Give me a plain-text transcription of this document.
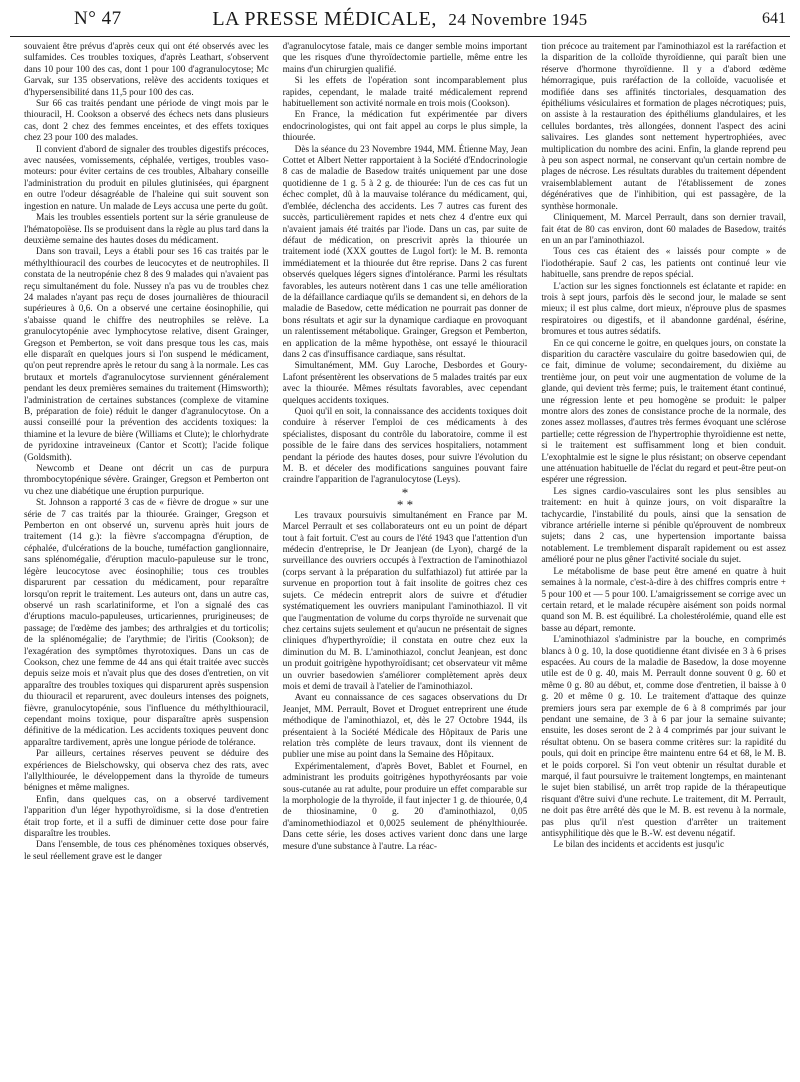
N° 47	LA PRESSE MÉDICALE, 24 Novembre 1945	641

souvaient être prévus d'après ceux qui ont été observés avec les sulfamides. Ces troubles toxiques, d'après Leathart, s'observent dans 10 pour 100 des cas, dont 1 pour 100 d'agranulocytose; Mc Garvak, sur 135 observations, relève des accidents toxiques et d'hypersensibilité dans 11,5 pour 100 des cas.

Sur 66 cas traités pendant une période de vingt mois par le thiouracil, H. Cookson a observé des échecs nets dans plusieurs cas, dont 2 chez des femmes enceintes, et des effets toxiques chez 23 pour 100 des malades.

Il convient d'abord de signaler des troubles digestifs précoces, avec nausées, vomissements, céphalée, vertiges, troubles vaso-moteurs: pour éviter certains de ces troubles, Albahary conseille l'administration du produit en pilules glutinisées, qui épargnent en outre l'odeur désagréable de l'haleine qui suit souvent son ingestion en nature. Un malade de Leys accusa une perte du goût.

Mais les troubles essentiels portent sur la série granuleuse de l'hématopoïèse. Ils se produisent dans la règle au plus tard dans la deuxième semaine des hautes doses du médicament.

Dans son travail, Leys a établi pour ses 16 cas traités par le méthylthiouracil des courbes de leucocytes et de neutrophiles. Il constata de la neutropénie chez 8 des 9 malades qui n'avaient pas reçu simultanément du fole. Nussey n'a pas vu de troubles chez 24 malades n'ayant pas reçu de doses journalières de thiouracil supérieures à 0,6. On a observé une certaine éosinophilie, qui s'abaisse quand le chiffre des neutrophiles se relève. La granulocytopénie avec lymphocytose relative, disent Grainger, Gregson et Pemberton, se voit dans presque tous les cas, mais elle disparaît en quelques jours si l'on suspend le médicament, qu'on peut reprendre après le retour du sang à la normale. Les cas brutaux et mortels d'agranulocytose surviennent généralement pendant les deux premières semaines du traitement (Himsworth); l'administration de certaines substances (complexe de vitamine B, préparation de foie) réduit le danger d'agranulocytose. On a aussi conseillé pour la prévention des accidents toxiques: la thiamine et la levure de bière (Williams et Clute); le chlorhydrate de pyridoxine intraveineux (Cantor et Scott); l'acide folique (Goldsmith).

Newcomb et Deane ont décrit un cas de purpura thrombocytopénique sévère. Grainger, Gregson et Pemberton ont vu chez une diabétique une éruption purpurique.

St. Johnson a rapporté 3 cas de « fièvre de drogue » sur une série de 7 cas traités par la thiourée. Grainger, Gregson et Pemberton en ont observé un, survenu après huit jours de traitement (14 g.): la fièvre s'accompagna d'éruption, de céphalée, d'ulcérations de la bouche, tuméfaction ganglionnaire, sans splénomégalie, d'éruption maculo-papuleuse sur le tronc, légère leucocytose avec éosinophilie; tous ces troubles disparurent par cessation du médicament, pour reparaître lorsqu'on reprit le traitement. Les auteurs ont, dans un autre cas, observé un rash scarlatiniforme, et l'on a signalé des cas d'éruptions maculo-papuleuses, urticariennes, prurigineuses; de passage; de l'œdème des jambes; des arthralgies et du torticolis; de la splénomégalie; de l'arythmie; de l'iritis (Cookson); de l'exagération des symptômes thyrotoxiques. Dans un cas de Cookson, chez une femme de 44 ans qui était traitée avec succès depuis seize mois et n'avait plus que des doses d'entretien, on vit apparaître des troubles toxiques qui disparurent après suspension du thiouracil et reparurent, avec douleurs intenses des poignets, fièvre, granulocytopénie, sous l'influence du méthylthiouracil, cependant moins toxique, pour disparaître après suspension définitive de la médication. Les accidents toxiques peuvent donc apparaître tardivement, après une longue période de tolérance.

Par ailleurs, certaines réserves peuvent se déduire des expériences de Bielschowsky, qui observa chez des rats, avec l'allylthiourée, le développement dans la thyroïde de tumeurs bénignes et même malignes.

Enfin, dans quelques cas, on a observé tardivement l'apparition d'un léger hypothyroïdisme, si la dose d'entretien était trop forte, et il a suffi de diminuer cette dose pour faire disparaître les troubles.

Dans l'ensemble, de tous ces phénomènes toxiques observés, le seul réellement grave est le danger

d'agranulocytose fatale, mais ce danger semble moins important que les risques d'une thyroïdectomie partielle, même entre les mains d'un chirurgien qualifié.

Si les effets de l'opération sont incomparablement plus rapides, cependant, le malade traité médicalement reprend habituellement son activité normale en trois mois (Cookson).

En France, la médication fut expérimentée par divers endocrinologistes, qui ont fait appel au corps le plus simple, la thiourée.

Dès la séance du 23 Novembre 1944, MM. Étienne May, Jean Cottet et Albert Netter rapportaient à la Société d'Endocrinologie 8 cas de maladie de Basedow traités uniquement par une dose quotidienne de 1 g. 5 à 2 g. de thiourée: l'un de ces cas fut un échec complet, dû à la mauvaise tolérance du médicament, qui, d'emblée, déclencha des accidents. Les 7 autres cas furent des succès, particulièrement rapides et nets chez 4 d'entre eux qui n'avaient jamais été traités par l'iode. Dans un cas, par suite de défaut de médication, on prescrivit après la thiourée un traitement iodé (XXX gouttes de Lugol fort): le M. B. remonta immédiatement et la thiourée dut être reprise. Dans 2 cas furent observés quelques légers signes d'intolérance. Parmi les résultats favorables, les auteurs notèrent dans 1 cas une telle amélioration de la défaillance cardiaque qu'ils se demandent si, en dehors de la maladie de Basedow, cette médication ne pourrait pas donner de bons résultats et agir sur la dynamique cardiaque en provoquant un ralentissement métabolique. Grainger, Gregson et Pemberton, en application de la même hypothèse, ont essayé le thiouracil dans 2 cas d'insuffisance cardiaque, sans résultat.

Simultanément, MM. Guy Laroche, Desbordes et Goury-Lafont présentèrent les observations de 5 malades traités par eux avec la thiourée. Mêmes résultats favorables, avec cependant quelques accidents toxiques.

Quoi qu'il en soit, la connaissance des accidents toxiques doit conduire à réserver l'emploi de ces médicaments à des spécialistes, disposant du contrôle du laboratoire, comme il est possible de le faire dans des services hospitaliers, notamment pendant la période des hautes doses, pour suivre l'évolution du M. B. et déceler des modifications sanguines pouvant faire craindre l'apparition de l'agranulocytose (Leys).

*
* *

Les travaux poursuivis simultanément en France par M. Marcel Perrault et ses collaborateurs ont eu un point de départ tout à fait fortuit. C'est au cours de l'été 1943 que l'attention d'un médecin d'entreprise, le Dr Jeanjean (de Lyon), chargé de la surveillance des ouvriers occupés à l'extraction de l'aminothiazol (corps servant à la préparation du sulfathiazol) fut attirée par la survenue en proportion tout à fait insolite de goitres chez ces sujets. Ce médecin entreprit alors de suivre et d'étudier systématiquement les ouvriers manipulant l'aminothiazol. Il vit que l'augmentation de volume du corps thyroïde ne survenait que chez certains sujets seulement et qu'aucun ne présentait de signes cliniques d'hyperthyroïdie; il constata en outre chez eux la diminution du M. B. L'aminothiazol, conclut Jeanjean, est donc un produit goitrigène hypothyroïdisant; cet observateur vit même un ouvrier basedowien s'améliorer complètement après deux mois et demi de travail à l'atelier de l'aminothiazol.

Avant eu connaissance de ces sagaces observations du Dr Jeanjet, MM. Perrault, Bovet et Droguet entreprirent une étude méthodique de l'aminothiazol, et, dès le 27 Octobre 1944, ils présentaient à la Société Médicale des Hôpitaux de Paris une relation très complète de leurs travaux, dont ils viennent de publier une mise au point dans la Semaine des Hôpitaux.

Expérimentalement, d'après Bovet, Bablet et Fournel, en administrant les produits goitrigènes hypothyréosants par voie sous-cutanée au rat adulte, pour produire un effet comparable sur la morphologie de la thyroïde, il faut injecter 1 g. de thiourée, 0,4 de thiosinamine, 0 g. 20 d'aminothiazol, 0,05 d'aminomethiodiazol et 0,0025 seulement de phénylthiourée. Dans cette série, les doses actives varient donc dans une large mesure d'une substance à l'autre. La réac-

tion précoce au traitement par l'aminothiazol est la raréfaction et la disparition de la colloïde thyroïdienne, qui paraît bien une réserve d'hormone thyroïdienne. Il y a d'abord œdème hémorragique, puis raréfaction de la colloïde, vacuolisée et modifiée dans ses affinités tinctoriales, desquamation des épithéliums vésiculaires et formation de plages nécrotiques; puis, on assiste à la restauration des épithéliums glandulaires, et les cellules bordantes, très allongées, donnent l'aspect des acini salivaires. Les glandes sont nettement hypertrophiées, avec multiplication du nombre des acini. Enfin, la glande reprend peu à peu son aspect normal, ne conservant qu'un certain nombre de plages de nécrose. Les résultats durables du traitement dépendent vraisemblablement autant de l'établissement de zones dégénératives que de l'inhibition, qui est passagère, de la synthèse hormonale.

Cliniquement, M. Marcel Perrault, dans son dernier travail, fait état de 80 cas environ, dont 60 malades de Basedow, traités en un an par l'aminothiazol.

Tous ces cas étaient des « laissés pour compte » de l'iodothérapie. Sauf 2 cas, les patients ont continué leur vie habituelle, sans prendre de repos spécial.

L'action sur les signes fonctionnels est éclatante et rapide: en trois à sept jours, parfois dès le second jour, le malade se sent mieux; il est plus calme, dort mieux, n'éprouve plus de spasmes respiratoires ou digestifs, et il abandonne gardénal, ésérine, bromures et tous autres sédatifs.

En ce qui concerne le goitre, en quelques jours, on constate la disparition du caractère vasculaire du goitre basedowien qui, de ce fait, diminue de volume; secondairement, du dixième au trentième jour, on peut voir une augmentation de volume de la glande, qui devient très ferme; puis, le traitement étant continué, une régression lente et peu homogène se produit: le palper montre alors des zones de consistance proche de la normale, des zones assez mollasses, d'autres très fermes évoquant une sclérose partielle; cette régression de l'hypertrophie thyroïdienne est nette, si le traitement est suffisamment long et bien conduit. L'exophtalmie est le signe le plus résistant; on observe cependant une atténuation habituelle de l'éclat du regard et peut-être peut-on espérer une régression.

Les signes cardio-vasculaires sont les plus sensibles au traitement: en huit à quinze jours, on voit disparaître la tachycardie, l'instabilité du pouls, ainsi que la sensation de vibrance artérielle interne si pénible qu'éprouvent de nombreux sujets; dans 2 cas, une hypertension importante baissa notablement. Le tremblement disparaît rapidement ou est assez amélioré pour ne plus gêner l'activité sociale du sujet.

Le métabolisme de base peut être amené en quatre à huit semaines à la normale, c'est-à-dire à des chiffres compris entre + 5 pour 100 et — 5 pour 100. L'amaigrissement se corrige avec un certain retard, et le malade récupère aisément son poids normal quand son M. B. est équilibré. La cholestérolémie, quand elle est basse au départ, remonte.

L'aminothiazol s'administre par la bouche, en comprimés blancs à 0 g. 10, la dose quotidienne étant divisée en 3 à 6 prises espacées. Au cours de la maladie de Basedow, la dose moyenne utile est de 0 g. 40, mais M. Perrault donne souvent 0 g. 60 et même 0 g. 80 au début, et, comme dose d'entretien, il baisse à 0 g. 20 et même 0 g. 10. Le traitement d'attaque des quinze premiers jours sera par exemple de 6 à 8 comprimés par jour pendant une semaine, de 3 à 6 par jour la semaine suivante; ensuite, les doses seront de 2 à 4 comprimés par jour suivant le résultat obtenu. On se basera comme critères sur: la rapidité du pouls, qui doit en principe être maintenu entre 64 et 68, le M. B. et le poids corporel. Si l'on veut obtenir un résultat durable et marqué, il faut poursuivre le traitement longtemps, en maintenant le sujet bien stabilisé, un arrêt trop rapide de la thérapeutique risquant d'être suivi d'une rechute. Le traitement, dit M. Perrault, ne doit pas être arrêté dès que le M. B. est revenu à la normale, pas plus qu'il n'est question d'arrêter un traitement antisyphilitique dès que le B.-W. est devenu négatif.

Le bilan des incidents et accidents est jusqu'ic
